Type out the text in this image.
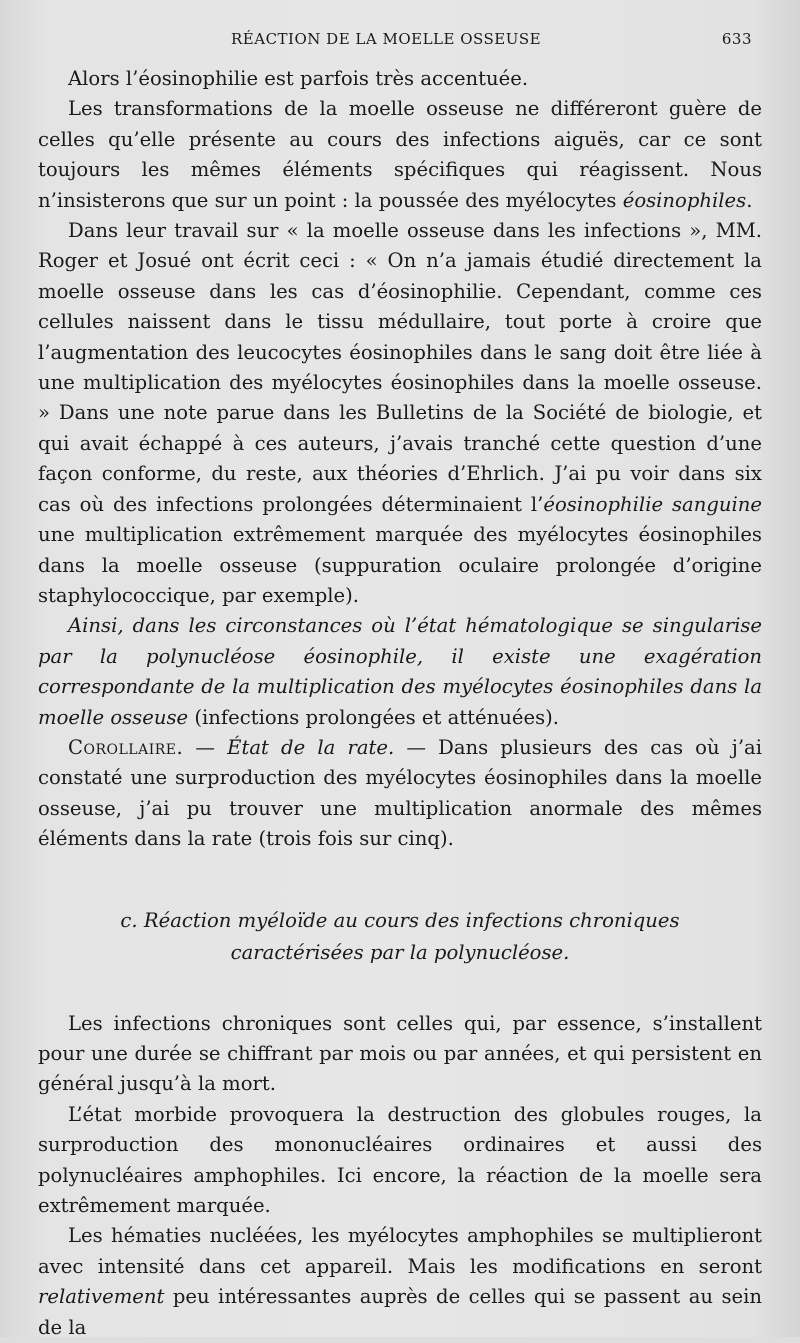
RÉACTION DE LA MOELLE OSSEUSE	633

Alors l’éosinophilie est parfois très accentuée.

Les transformations de la moelle osseuse ne différeront guère de celles qu’elle présente au cours des infections aiguës, car ce sont toujours les mêmes éléments spécifiques qui réagissent. Nous n’insisterons que sur un point : la poussée des myélocytes éosinophiles.

Dans leur travail sur « la moelle osseuse dans les infections », MM. Roger et Josué ont écrit ceci : « On n’a jamais étudié directement la moelle osseuse dans les cas d’éosinophilie. Cependant, comme ces cellules naissent dans le tissu médullaire, tout porte à croire que l’augmentation des leucocytes éosinophiles dans le sang doit être liée à une multiplication des myélocytes éosinophiles dans la moelle osseuse. » Dans une note parue dans les Bulletins de la Société de biologie, et qui avait échappé à ces auteurs, j’avais tranché cette question d’une façon conforme, du reste, aux théories d’Ehrlich. J’ai pu voir dans six cas où des infections prolongées déterminaient l’éosinophilie sanguine une multiplication extrêmement marquée des myélocytes éosinophiles dans la moelle osseuse (suppuration oculaire prolongée d’origine staphylococcique, par exemple).

Ainsi, dans les circonstances où l’état hématologique se singularise par la polynucléose éosinophile, il existe une exagération correspondante de la multiplication des myélocytes éosinophiles dans la moelle osseuse (infections prolongées et atténuées).

Corollaire. — État de la rate. — Dans plusieurs des cas où j’ai constaté une surproduction des myélocytes éosinophiles dans la moelle osseuse, j’ai pu trouver une multiplication anormale des mêmes éléments dans la rate (trois fois sur cinq).

c. Réaction myéloïde au cours des infections chroniques
caractérisées par la polynucléose.

Les infections chroniques sont celles qui, par essence, s’installent pour une durée se chiffrant par mois ou par années, et qui persistent en général jusqu’à la mort.

L’état morbide provoquera la destruction des globules rouges, la surproduction des mononucléaires ordinaires et aussi des polynucléaires amphophiles. Ici encore, la réaction de la moelle sera extrêmement marquée.

Les hématies nucléées, les myélocytes amphophiles se multiplieront avec intensité dans cet appareil. Mais les modifications en seront relativement peu intéressantes auprès de celles qui se passent au sein de la
